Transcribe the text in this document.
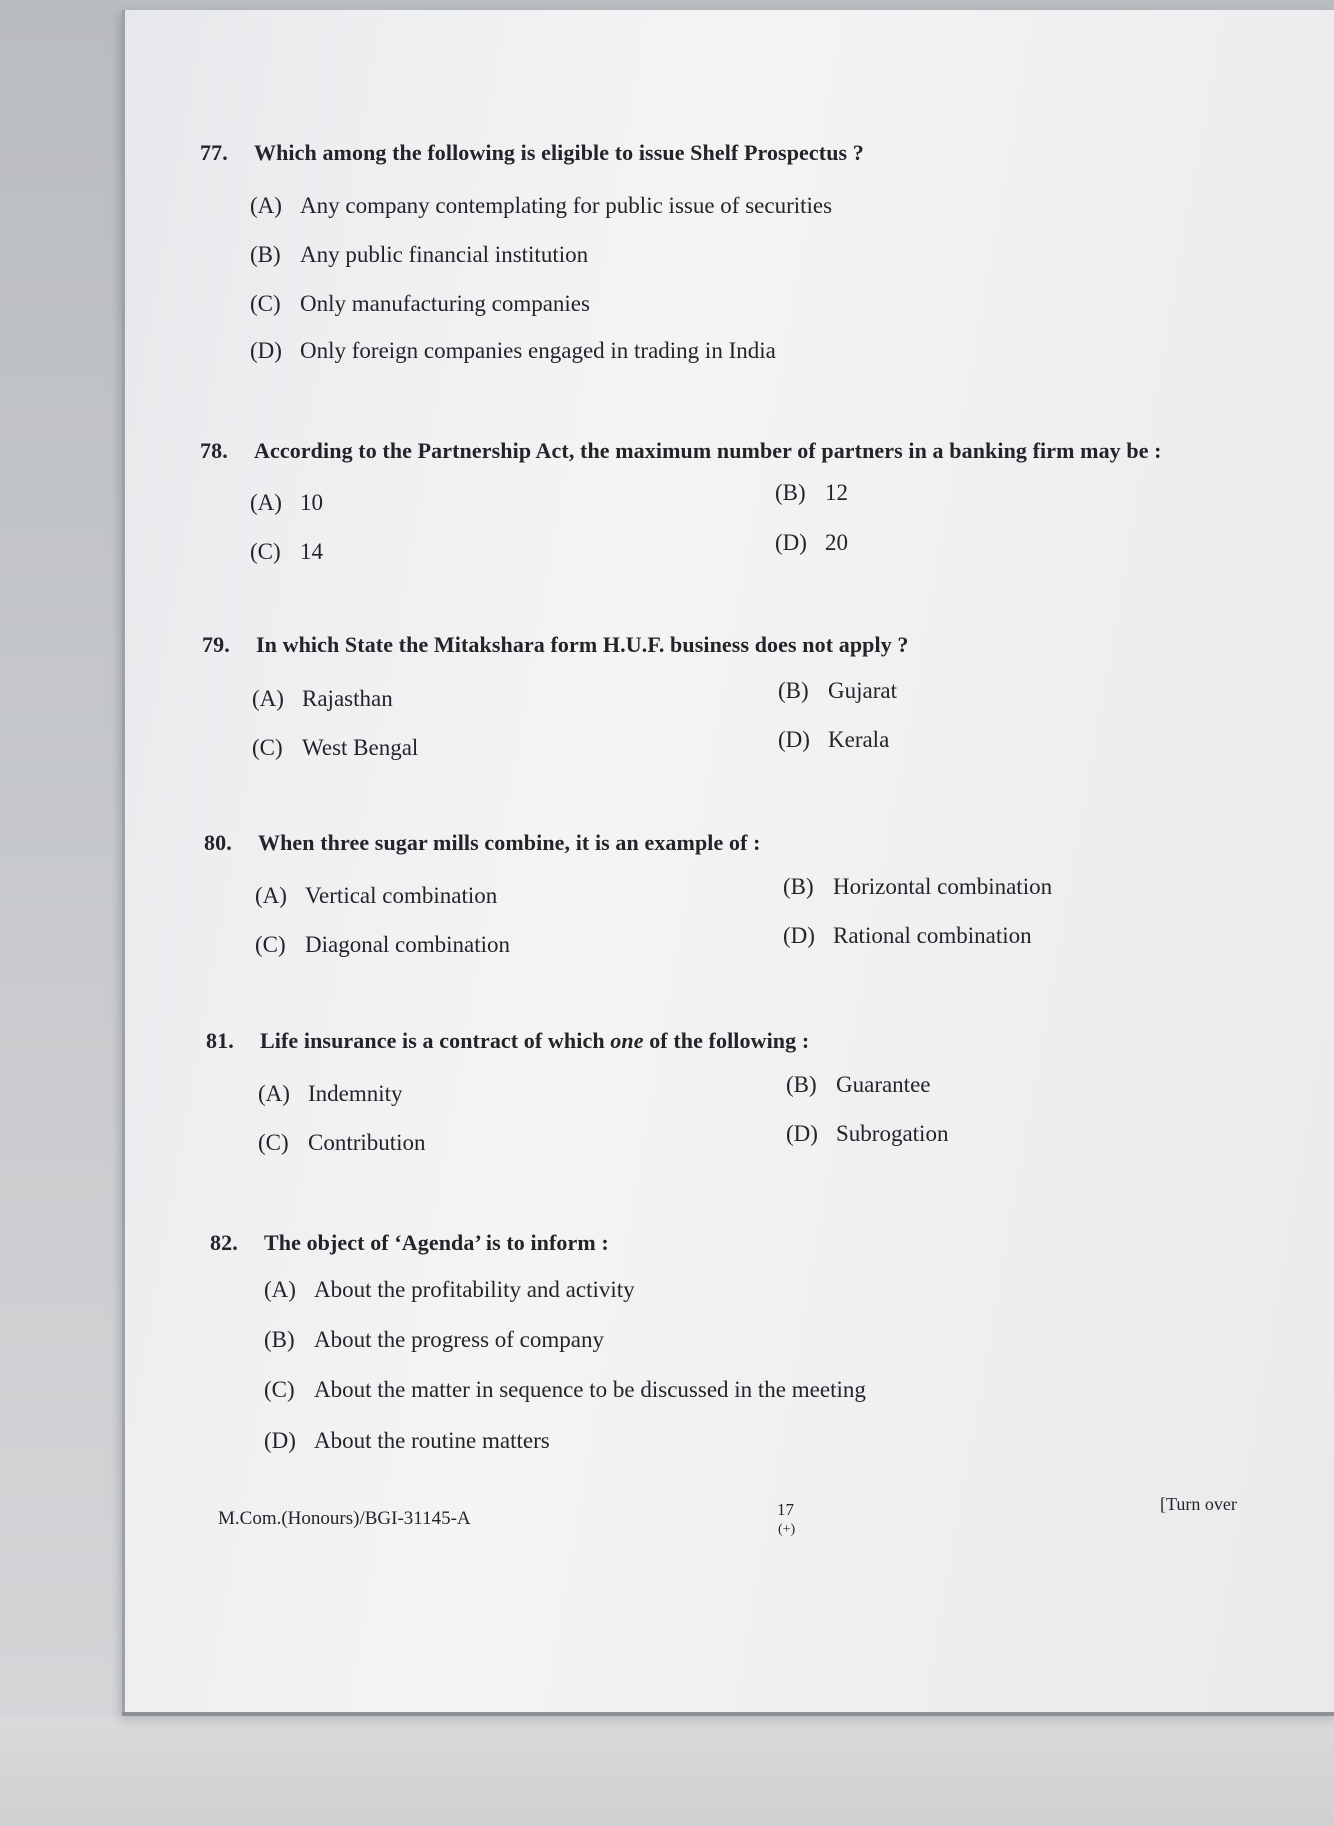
77. Which among the following is eligible to issue Shelf Prospectus ?
(A) Any company contemplating for public issue of securities
(B) Any public financial institution
(C) Only manufacturing companies
(D) Only foreign companies engaged in trading in India
78. According to the Partnership Act, the maximum number of partners in a banking firm may be :
(A) 10	(B) 12
(C) 14	(D) 20
79. In which State the Mitakshara form H.U.F. business does not apply ?
(A) Rajasthan	(B) Gujarat
(C) West Bengal	(D) Kerala
80. When three sugar mills combine, it is an example of :
(A) Vertical combination	(B) Horizontal combination
(C) Diagonal combination	(D) Rational combination
81. Life insurance is a contract of which one of the following :
(A) Indemnity	(B) Guarantee
(C) Contribution	(D) Subrogation
82. The object of ‘Agenda’ is to inform :
(A) About the profitability and activity
(B) About the progress of company
(C) About the matter in sequence to be discussed in the meeting
(D) About the routine matters
M.Com.(Honours)/BGI-31145-A	17
(+)
[Turn over
